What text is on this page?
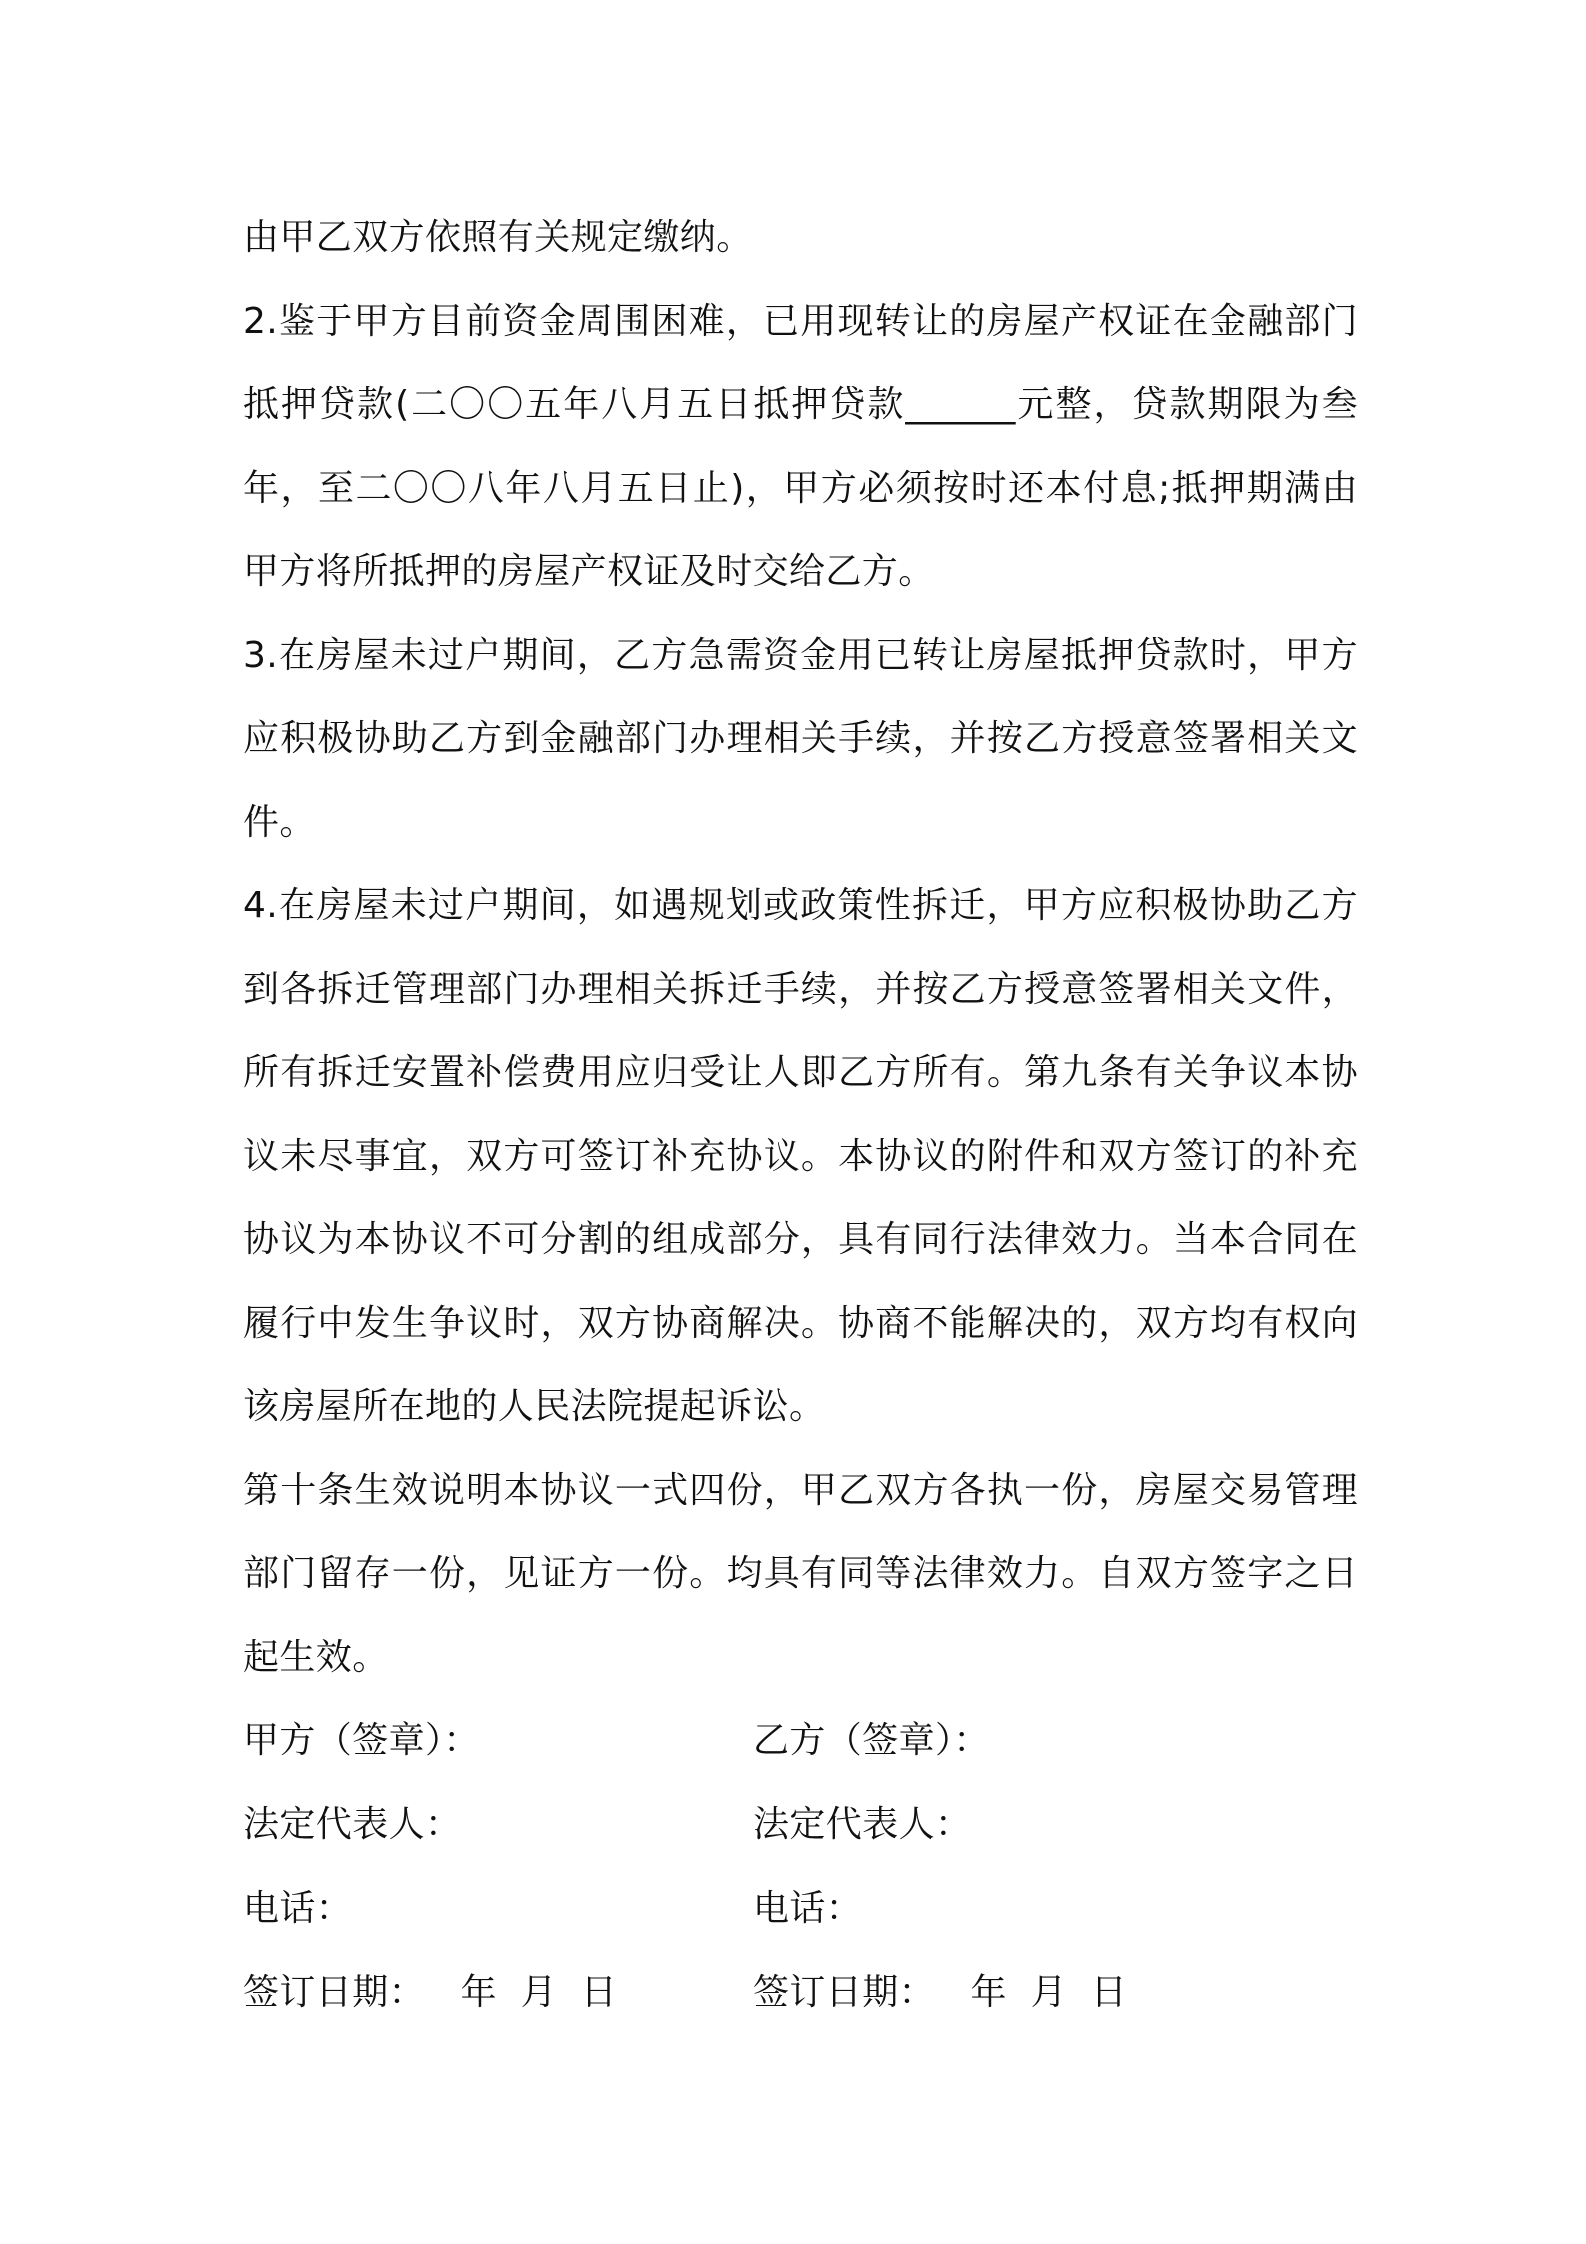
由甲乙双方依照有关规定缴纳。

2.鉴于甲方目前资金周围困难，已用现转让的房屋产权证在金融部门抵押贷款(二〇〇五年八月五日抵押贷款______元整，贷款期限为叁年，至二〇〇八年八月五日止)，甲方必须按时还本付息;抵押期满由甲方将所抵押的房屋产权证及时交给乙方。

3.在房屋未过户期间，乙方急需资金用已转让房屋抵押贷款时，甲方应积极协助乙方到金融部门办理相关手续，并按乙方授意签署相关文件。

4.在房屋未过户期间，如遇规划或政策性拆迁，甲方应积极协助乙方到各拆迁管理部门办理相关拆迁手续，并按乙方授意签署相关文件，所有拆迁安置补偿费用应归受让人即乙方所有。第九条有关争议本协议未尽事宜，双方可签订补充协议。本协议的附件和双方签订的补充协议为本协议不可分割的组成部分，具有同行法律效力。当本合同在履行中发生争议时，双方协商解决。协商不能解决的，双方均有权向该房屋所在地的人民法院提起诉讼。

第十条生效说明本协议一式四份，甲乙双方各执一份，房屋交易管理部门留存一份，见证方一份。均具有同等法律效力。自双方签字之日起生效。

甲方（签章）：	乙方（签章）：
法定代表人：	法定代表人：
电话：	电话：
签订日期：   年  月  日	签订日期：   年  月  日
